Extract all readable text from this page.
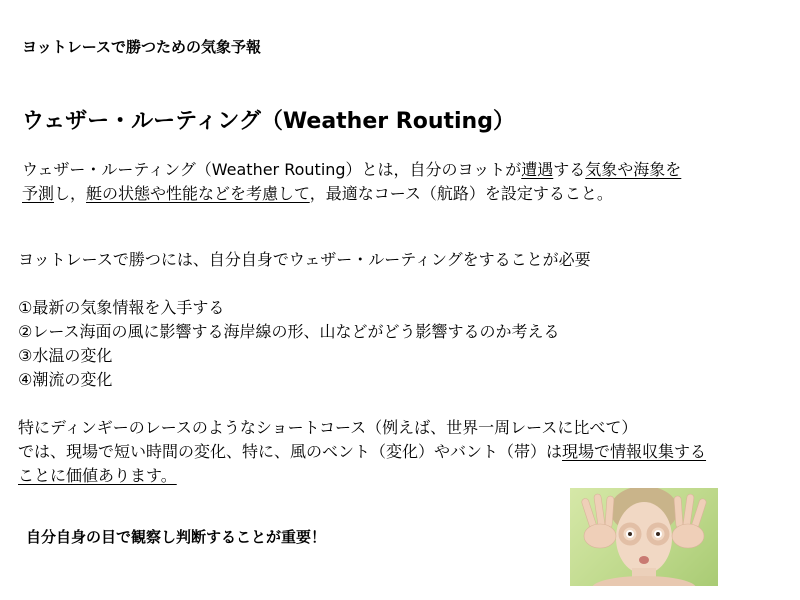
ヨットレースで勝つための気象予報
ウェザー・ルーティング（Weather Routing）
ウェザー・ルーティング（Weather Routing）とは，自分のヨットが遭遇する気象や海象を
予測し，艇の状態や性能などを考慮して，最適なコース（航路）を設定すること。
ヨットレースで勝つには、自分自身でウェザー・ルーティングをすることが必要
①最新の気象情報を入手する
②レース海面の風に影響する海岸線の形、山などがどう影響するのか考える
③水温の変化
④潮流の変化
特にディンギーのレースのようなショートコース（例えば、世界一周レースに比べて）
では、現場で短い時間の変化、特に、風のベント（変化）やバント（帯）は現場で情報収集する
ことに価値あります。
自分自身の目で観察し判断することが重要！
